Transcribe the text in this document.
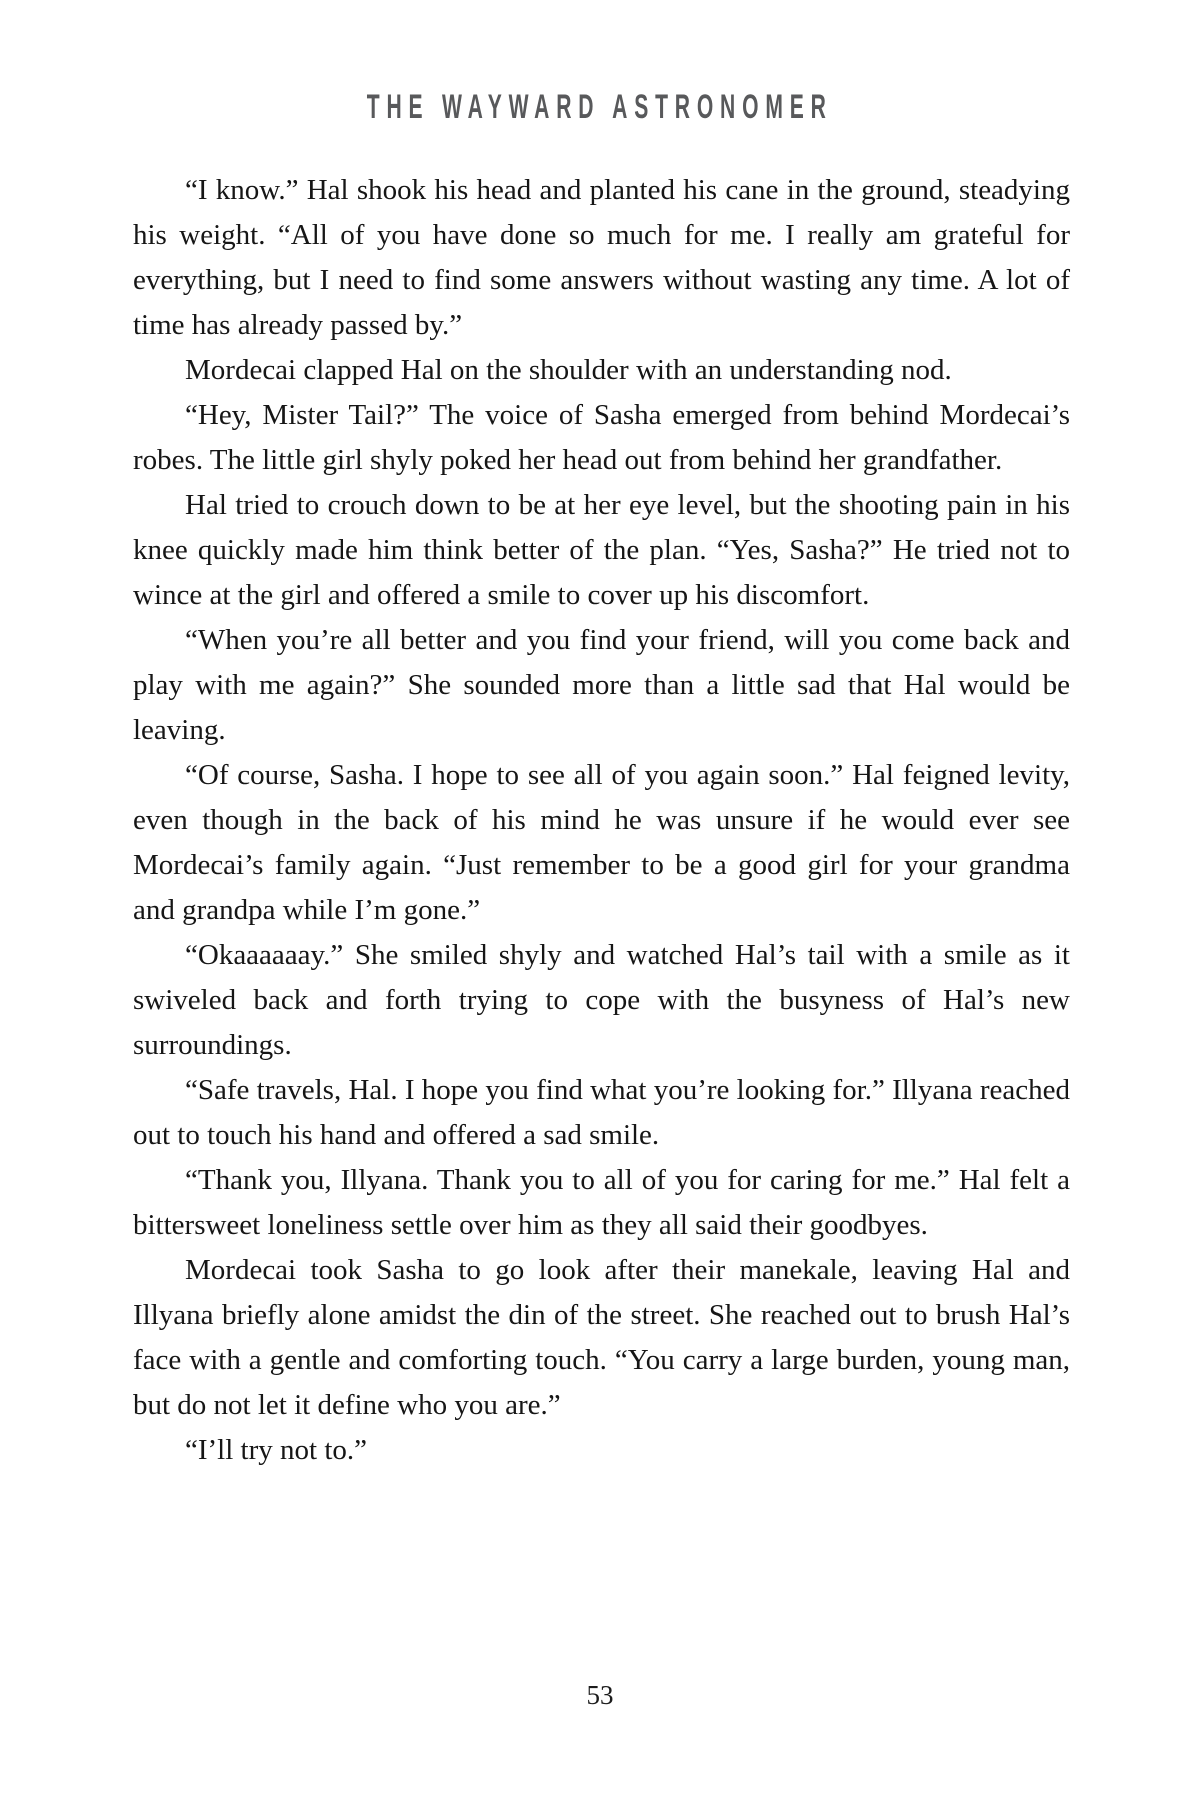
THE WAYWARD ASTRONOMER

“I know.” Hal shook his head and planted his cane in the ground, steadying his weight. “All of you have done so much for me. I really am grateful for everything, but I need to find some answers without wasting any time. A lot of time has already passed by.”

Mordecai clapped Hal on the shoulder with an understanding nod.

“Hey, Mister Tail?” The voice of Sasha emerged from behind Mordecai’s robes. The little girl shyly poked her head out from behind her grandfather.

Hal tried to crouch down to be at her eye level, but the shooting pain in his knee quickly made him think better of the plan. “Yes, Sasha?” He tried not to wince at the girl and offered a smile to cover up his discomfort.

“When you’re all better and you find your friend, will you come back and play with me again?” She sounded more than a little sad that Hal would be leaving.

“Of course, Sasha. I hope to see all of you again soon.” Hal feigned levity, even though in the back of his mind he was unsure if he would ever see Mordecai’s family again. “Just remember to be a good girl for your grandma and grandpa while I’m gone.”

“Okaaaaaay.” She smiled shyly and watched Hal’s tail with a smile as it swiveled back and forth trying to cope with the busyness of Hal’s new surroundings.

“Safe travels, Hal. I hope you find what you’re looking for.” Illyana reached out to touch his hand and offered a sad smile.

“Thank you, Illyana. Thank you to all of you for caring for me.” Hal felt a bittersweet loneliness settle over him as they all said their goodbyes.

Mordecai took Sasha to go look after their manekale, leaving Hal and Illyana briefly alone amidst the din of the street. She reached out to brush Hal’s face with a gentle and comforting touch. “You carry a large burden, young man, but do not let it define who you are.”

“I’ll try not to.”

53
